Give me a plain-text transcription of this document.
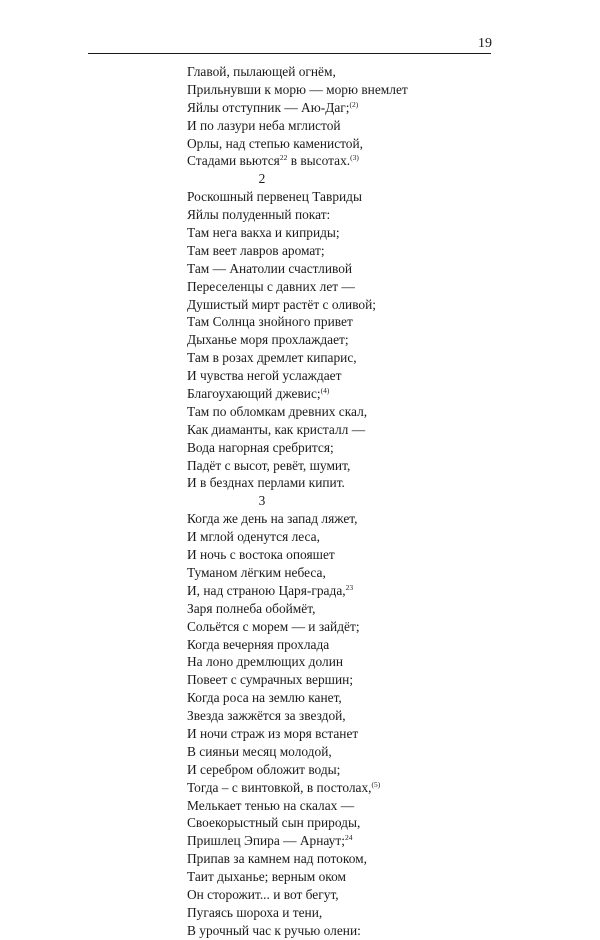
19
Главой, пылающей огнём,
Прильнувши к морю — морю внемлет
Яйлы отступник — Аю-Даг;$^{(2)}$
И по лазури неба мглистой
Орлы, над степью каменистой,
Стадами вьются$^{22}$ в высотах.$^{(3)}$
2
Роскошный первенец Тавриды
Яйлы полуденный покат:
Там нега вакха и киприды;
Там веет лавров аромат;
Там — Анатолии счастливой
Переселенцы с давних лет —
Душистый мирт растёт с оливой;
Там Солнца знойного привет
Дыханье моря прохлаждает;
Там в розах дремлет кипарис,
И чувства негой услаждает
Благоухающий джевис;$^{(4)}$
Там по обломкам древних скал,
Как диаманты, как кристалл —
Вода нагорная сребрится;
Падёт с высот, ревёт, шумит,
И в безднах перлами кипит.
3
Когда же день на запад ляжет,
И мглой оденутся леса,
И ночь с востока опояшет
Туманом лёгким небеса,
И, над страною Царя-града,$^{23}$
Заря полнеба обоймёт,
Сольётся с морем — и зайдёт;
Когда вечерняя прохлада
На лоно дремлющих долин
Повеет с сумрачных вершин;
Когда роса на землю канет,
Звезда зажжётся за звездой,
И ночи страж из моря встанет
В сияньи месяц молодой,
И серебром обложит воды;
Тогда – с винтовкой, в постолах,$^{(5)}$
Мелькает тенью на скалах —
Своекорыстный сын природы,
Пришлец Эпира — Арнаут;$^{24}$
Припав за камнем над потоком,
Таит дыханье; верным оком
Он сторожит... и вот бегут,
Пугаясь шороха и тени,
В урочный час к ручью олени:
